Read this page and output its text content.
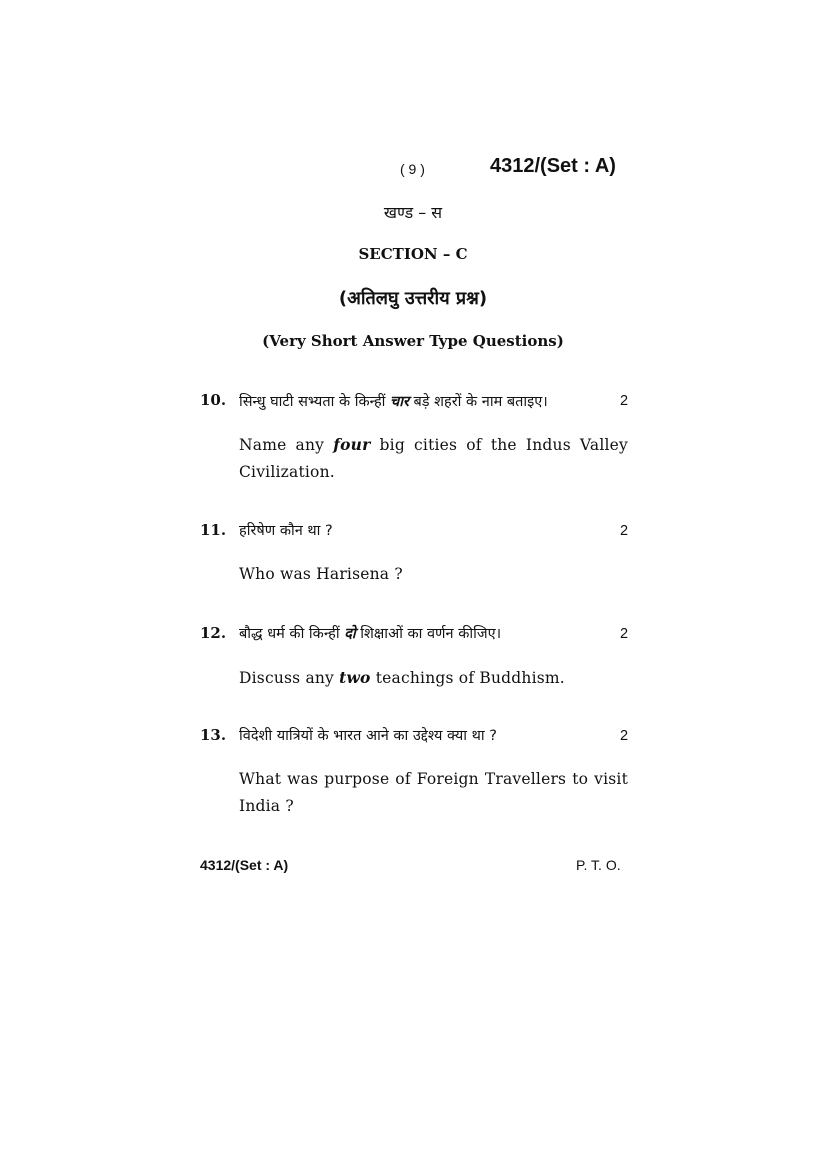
( 9 )	4312/(Set : A)
खण्ड – स
SECTION – C
(अतिलघु उत्तरीय प्रश्न)
(Very Short Answer Type Questions)
10. सिन्धु घाटी सभ्यता के किन्हीं चार बड़े शहरों के नाम बताइए।	2
Name any four big cities of the Indus Valley Civilization.
11. हरिषेण कौन था ?	2
Who was Harisena ?
12. बौद्ध धर्म की किन्हीं दो शिक्षाओं का वर्णन कीजिए।	2
Discuss any two teachings of Buddhism.
13. विदेशी यात्रियों के भारत आने का उद्देश्य क्या था ?	2
What was purpose of Foreign Travellers to visit India ?
4312/(Set : A)	P. T. O.
